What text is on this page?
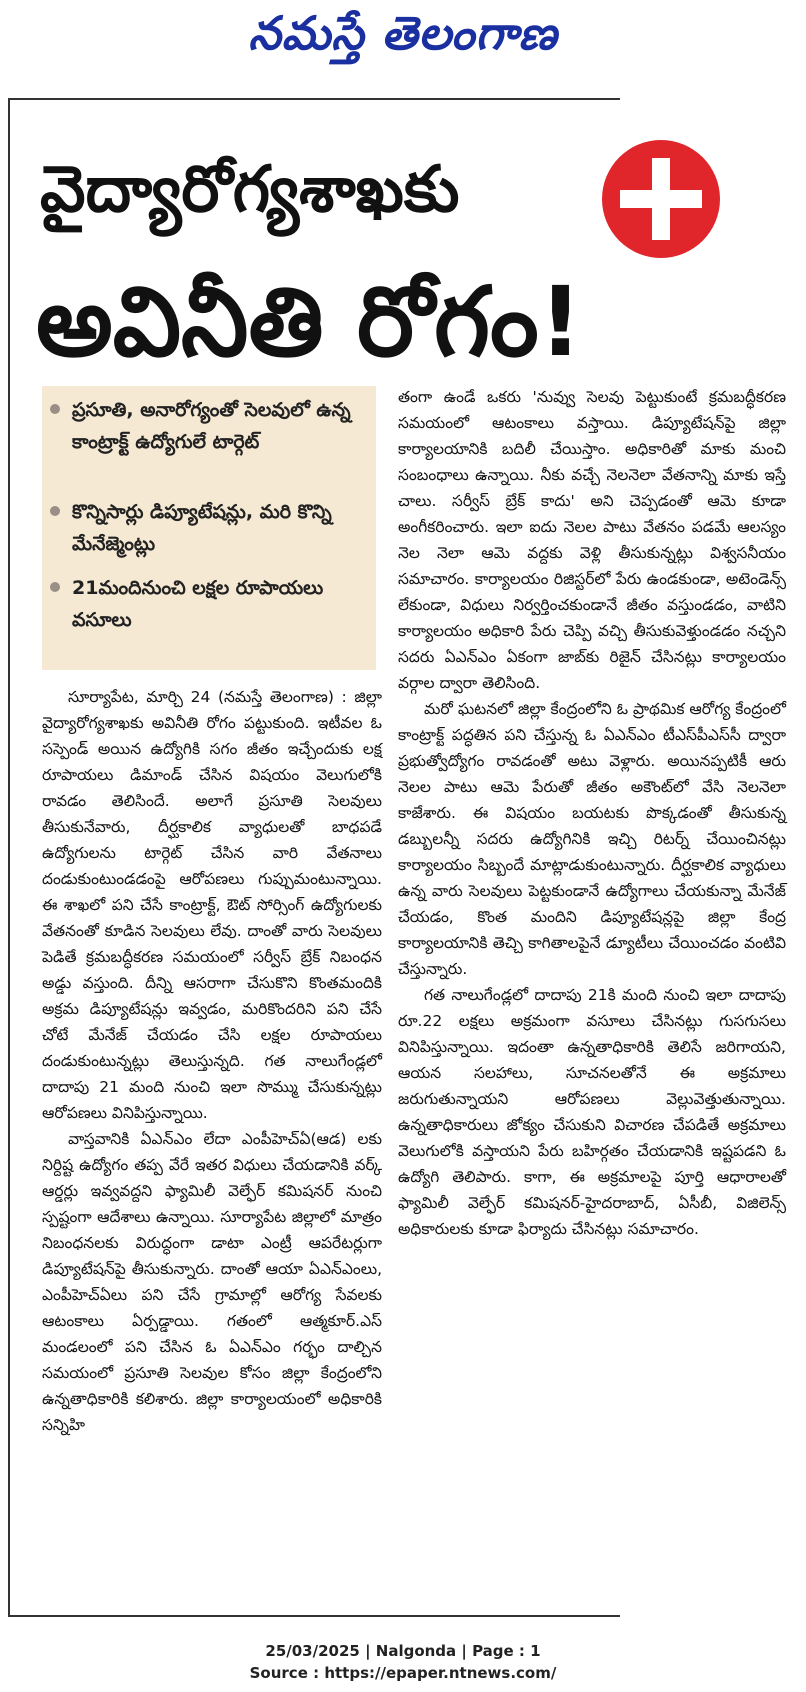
నమస్తే తెలంగాణ
వైద్యారోగ్యశాఖకు
అవినీతి రోగం!
ప్రసూతి, అనారోగ్యంతో సెలవులో ఉన్న కాంట్రాక్ట్ ఉద్యోగులే టార్గెట్
కొన్నిసార్లు డిప్యూటేషన్లు, మరి కొన్ని మేనేజ్మెంట్లు
21మందినుంచి లక్షల రూపాయలు వసూలు

సూర్యాపేట, మార్చి 24 (నమస్తే తెలంగాణ) : జిల్లా వైద్యారోగ్యశాఖకు అవినీతి రోగం పట్టుకుంది. ఇటీవల ఓ సస్పెండ్ అయిన ఉద్యోగికి సగం జీతం ఇచ్చేందుకు లక్ష రూపాయలు డిమాండ్ చేసిన విషయం వెలుగులోకి రావడం తెలిసిందే. అలాగే ప్రసూతి సెలవులు తీసుకునేవారు, దీర్ఘకాలిక వ్యాధులతో బాధపడే ఉద్యోగులను టార్గెట్ చేసిన వారి వేతనాలు దండుకుంటుండడంపై ఆరోపణలు గుప్పుమంటున్నాయి. ఈ శాఖలో పని చేసే కాంట్రాక్ట్, ఔట్ సోర్సింగ్ ఉద్యోగులకు వేతనంతో కూడిన సెలవులు లేవు. దాంతో వారు సెలవులు పెడితే క్రమబద్ధీకరణ సమయంలో సర్వీస్ బ్రేక్ నిబంధన అడ్డు వస్తుంది. దీన్ని ఆసరాగా చేసుకొని కొంతమందికి అక్రమ డిప్యూటేషన్లు ఇవ్వడం, మరికొందరిని పని చేసే చోటే మేనేజ్ చేయడం చేసి లక్షల రూపాయలు దండుకుంటున్నట్లు తెలుస్తున్నది. గత నాలుగేండ్లలో దాదాపు 21 మంది నుంచి ఇలా సొమ్ము చేసుకున్నట్లు ఆరోపణలు వినిపిస్తున్నాయి.

వాస్తవానికి ఏఎన్ఎం లేదా ఎంపీహెచ్ఏ(ఆడ) లకు నిర్దిష్ట ఉద్యోగం తప్ప వేరే ఇతర విధులు చేయడానికి వర్క్ ఆర్డర్లు ఇవ్వవద్దని ఫ్యామిలీ వెల్ఫేర్ కమిషనర్ నుంచి స్పష్టంగా ఆదేశాలు ఉన్నాయి. సూర్యాపేట జిల్లాలో మాత్రం నిబంధనలకు విరుద్ధంగా డాటా ఎంట్రీ ఆపరేటర్లుగా డిప్యూటేషన్‌పై తీసుకున్నారు. దాంతో ఆయా ఏఎన్ఎంలు, ఎంపీహెచ్ఏలు పని చేసే గ్రామాల్లో ఆరోగ్య సేవలకు ఆటంకాలు ఏర్పడ్డాయి. గతంలో ఆత్మకూర్.ఎస్ మండలంలో పని చేసిన ఓ ఏఎన్ఎం గర్భం దాల్చిన సమయంలో ప్రసూతి సెలవుల కోసం జిల్లా కేంద్రంలోని ఉన్నతాధికారికి కలిశారు. జిల్లా కార్యాలయంలో అధికారికి సన్నిహి

తంగా ఉండే ఒకరు 'నువ్వు సెలవు పెట్టుకుంటే క్రమబద్ధీకరణ సమయంలో ఆటంకాలు వస్తాయి. డిప్యూటేషన్‌పై జిల్లా కార్యాలయానికి బదిలీ చేయిస్తాం. అధికారితో మాకు మంచి సంబంధాలు ఉన్నాయి. నీకు వచ్చే నెలనెలా వేతనాన్ని మాకు ఇస్తే చాలు. సర్వీస్ బ్రేక్ కాదు' అని చెప్పడంతో ఆమె కూడా అంగీకరించారు. ఇలా ఐదు నెలల పాటు వేతనం పడమే ఆలస్యం నెల నెలా ఆమె వద్దకు వెళ్లి తీసుకున్నట్లు విశ్వసనీయం సమాచారం. కార్యాలయం రిజిస్టర్‌లో పేరు ఉండకుండా, అటెండెన్స్ లేకుండా, విధులు నిర్వర్తించకుండానే జీతం వస్తుండడం, వాటిని కార్యాలయం అధికారి పేరు చెప్పి వచ్చి తీసుకువెళ్తుండడం నచ్చని సదరు ఏఎన్ఎం ఏకంగా జాబ్‌కు రిజైన్ చేసినట్లు కార్యాలయం వర్గాల ద్వారా తెలిసింది.

మరో ఘటనలో జిల్లా కేంద్రంలోని ఓ ప్రాథమిక ఆరోగ్య కేంద్రంలో కాంట్రాక్ట్ పద్ధతిన పని చేస్తున్న ఓ ఏఎన్ఎం టీఎస్‌పీఎస్‌సీ ద్వారా ప్రభుత్వోద్యోగం రావడంతో అటు వెళ్లారు. అయినప్పటికీ ఆరు నెలల పాటు ఆమె పేరుతో జీతం అకౌంట్‌లో వేసి నెలనెలా కాజేశారు. ఈ విషయం బయటకు పొక్కడంతో తీసుకున్న డబ్బులన్నీ సదరు ఉద్యోగినికి ఇచ్చి రిటర్న్ చేయించినట్లు కార్యాలయం సిబ్బందే మాట్లాడుకుంటున్నారు. దీర్ఘకాలిక వ్యాధులు ఉన్న వారు సెలవులు పెట్టకుండానే ఉద్యోగాలు చేయకున్నా మేనేజ్ చేయడం, కొంత మందిని డిప్యూటేషన్లపై జిల్లా కేంద్ర కార్యాలయానికి తెచ్చి కాగితాలపైనే డ్యూటీలు చేయించడం వంటివి చేస్తున్నారు.

గత నాలుగేండ్లలో దాదాపు 21కి మంది నుంచి ఇలా దాదాపు రూ.22 లక్షలు అక్రమంగా వసూలు చేసినట్లు గుసగుసలు వినిపిస్తున్నాయి. ఇదంతా ఉన్నతాధికారికి తెలిసే జరిగాయని, ఆయన సలహాలు, సూచనలతోనే ఈ అక్రమాలు జరుగుతున్నాయని ఆరోపణలు వెల్లువెత్తుతున్నాయి. ఉన్నతాధికారులు జోక్యం చేసుకుని విచారణ చేపడితే అక్రమాలు వెలుగులోకి వస్తాయని పేరు బహిర్గతం చేయడానికి ఇష్టపడని ఓ ఉద్యోగి తెలిపారు. కాగా, ఈ అక్రమాలపై పూర్తి ఆధారాలతో ఫ్యామిలీ వెల్ఫేర్ కమిషనర్-హైదరాబాద్, ఏసీబీ, విజిలెన్స్ అధికారులకు కూడా ఫిర్యాదు చేసినట్లు సమాచారం.

25/03/2025 | Nalgonda | Page : 1
Source : https://epaper.ntnews.com/
